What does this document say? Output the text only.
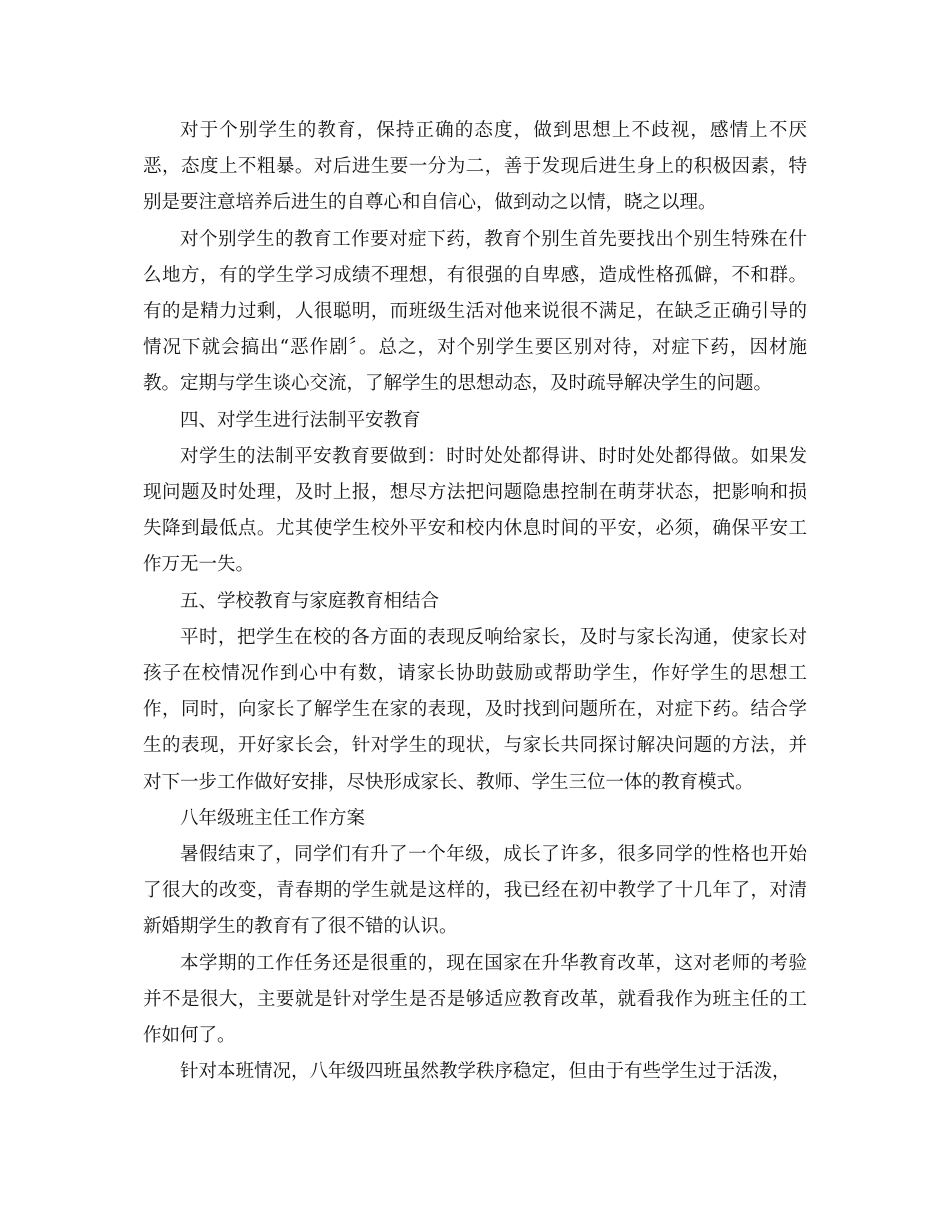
对于个别学生的教育，保持正确的态度，做到思想上不歧视，感情上不厌恶，态度上不粗暴。对后进生要一分为二，善于发现后进生身上的积极因素，特别是要注意培养后进生的自尊心和自信心，做到动之以情，晓之以理。

对个别学生的教育工作要对症下药，教育个别生首先要找出个别生特殊在什么地方，有的学生学习成绩不理想，有很强的自卑感，造成性格孤僻，不和群。有的是精力过剩，人很聪明，而班级生活对他来说很不满足，在缺乏正确引导的情况下就会搞出“恶作剧〞。总之，对个别学生要区别对待，对症下药，因材施教。定期与学生谈心交流，了解学生的思想动态，及时疏导解决学生的问题。

四、对学生进行法制平安教育

对学生的法制平安教育要做到：时时处处都得讲、时时处处都得做。如果发现问题及时处理，及时上报，想尽方法把问题隐患控制在萌芽状态，把影响和损失降到最低点。尤其使学生校外平安和校内休息时间的平安，必须，确保平安工作万无一失。

五、学校教育与家庭教育相结合

平时，把学生在校的各方面的表现反响给家长，及时与家长沟通，使家长对孩子在校情况作到心中有数，请家长协助鼓励或帮助学生，作好学生的思想工作，同时，向家长了解学生在家的表现，及时找到问题所在，对症下药。结合学生的表现，开好家长会，针对学生的现状，与家长共同探讨解决问题的方法，并对下一步工作做好安排，尽快形成家长、教师、学生三位一体的教育模式。

八年级班主任工作方案

暑假结束了，同学们有升了一个年级，成长了许多，很多同学的性格也开始了很大的改变，青春期的学生就是这样的，我已经在初中教学了十几年了，对清新婚期学生的教育有了很不错的认识。

本学期的工作任务还是很重的，现在国家在升华教育改革，这对老师的考验并不是很大，主要就是针对学生是否是够适应教育改革，就看我作为班主任的工作如何了。

针对本班情况，八年级四班虽然教学秩序稳定，但由于有些学生过于活泼，
